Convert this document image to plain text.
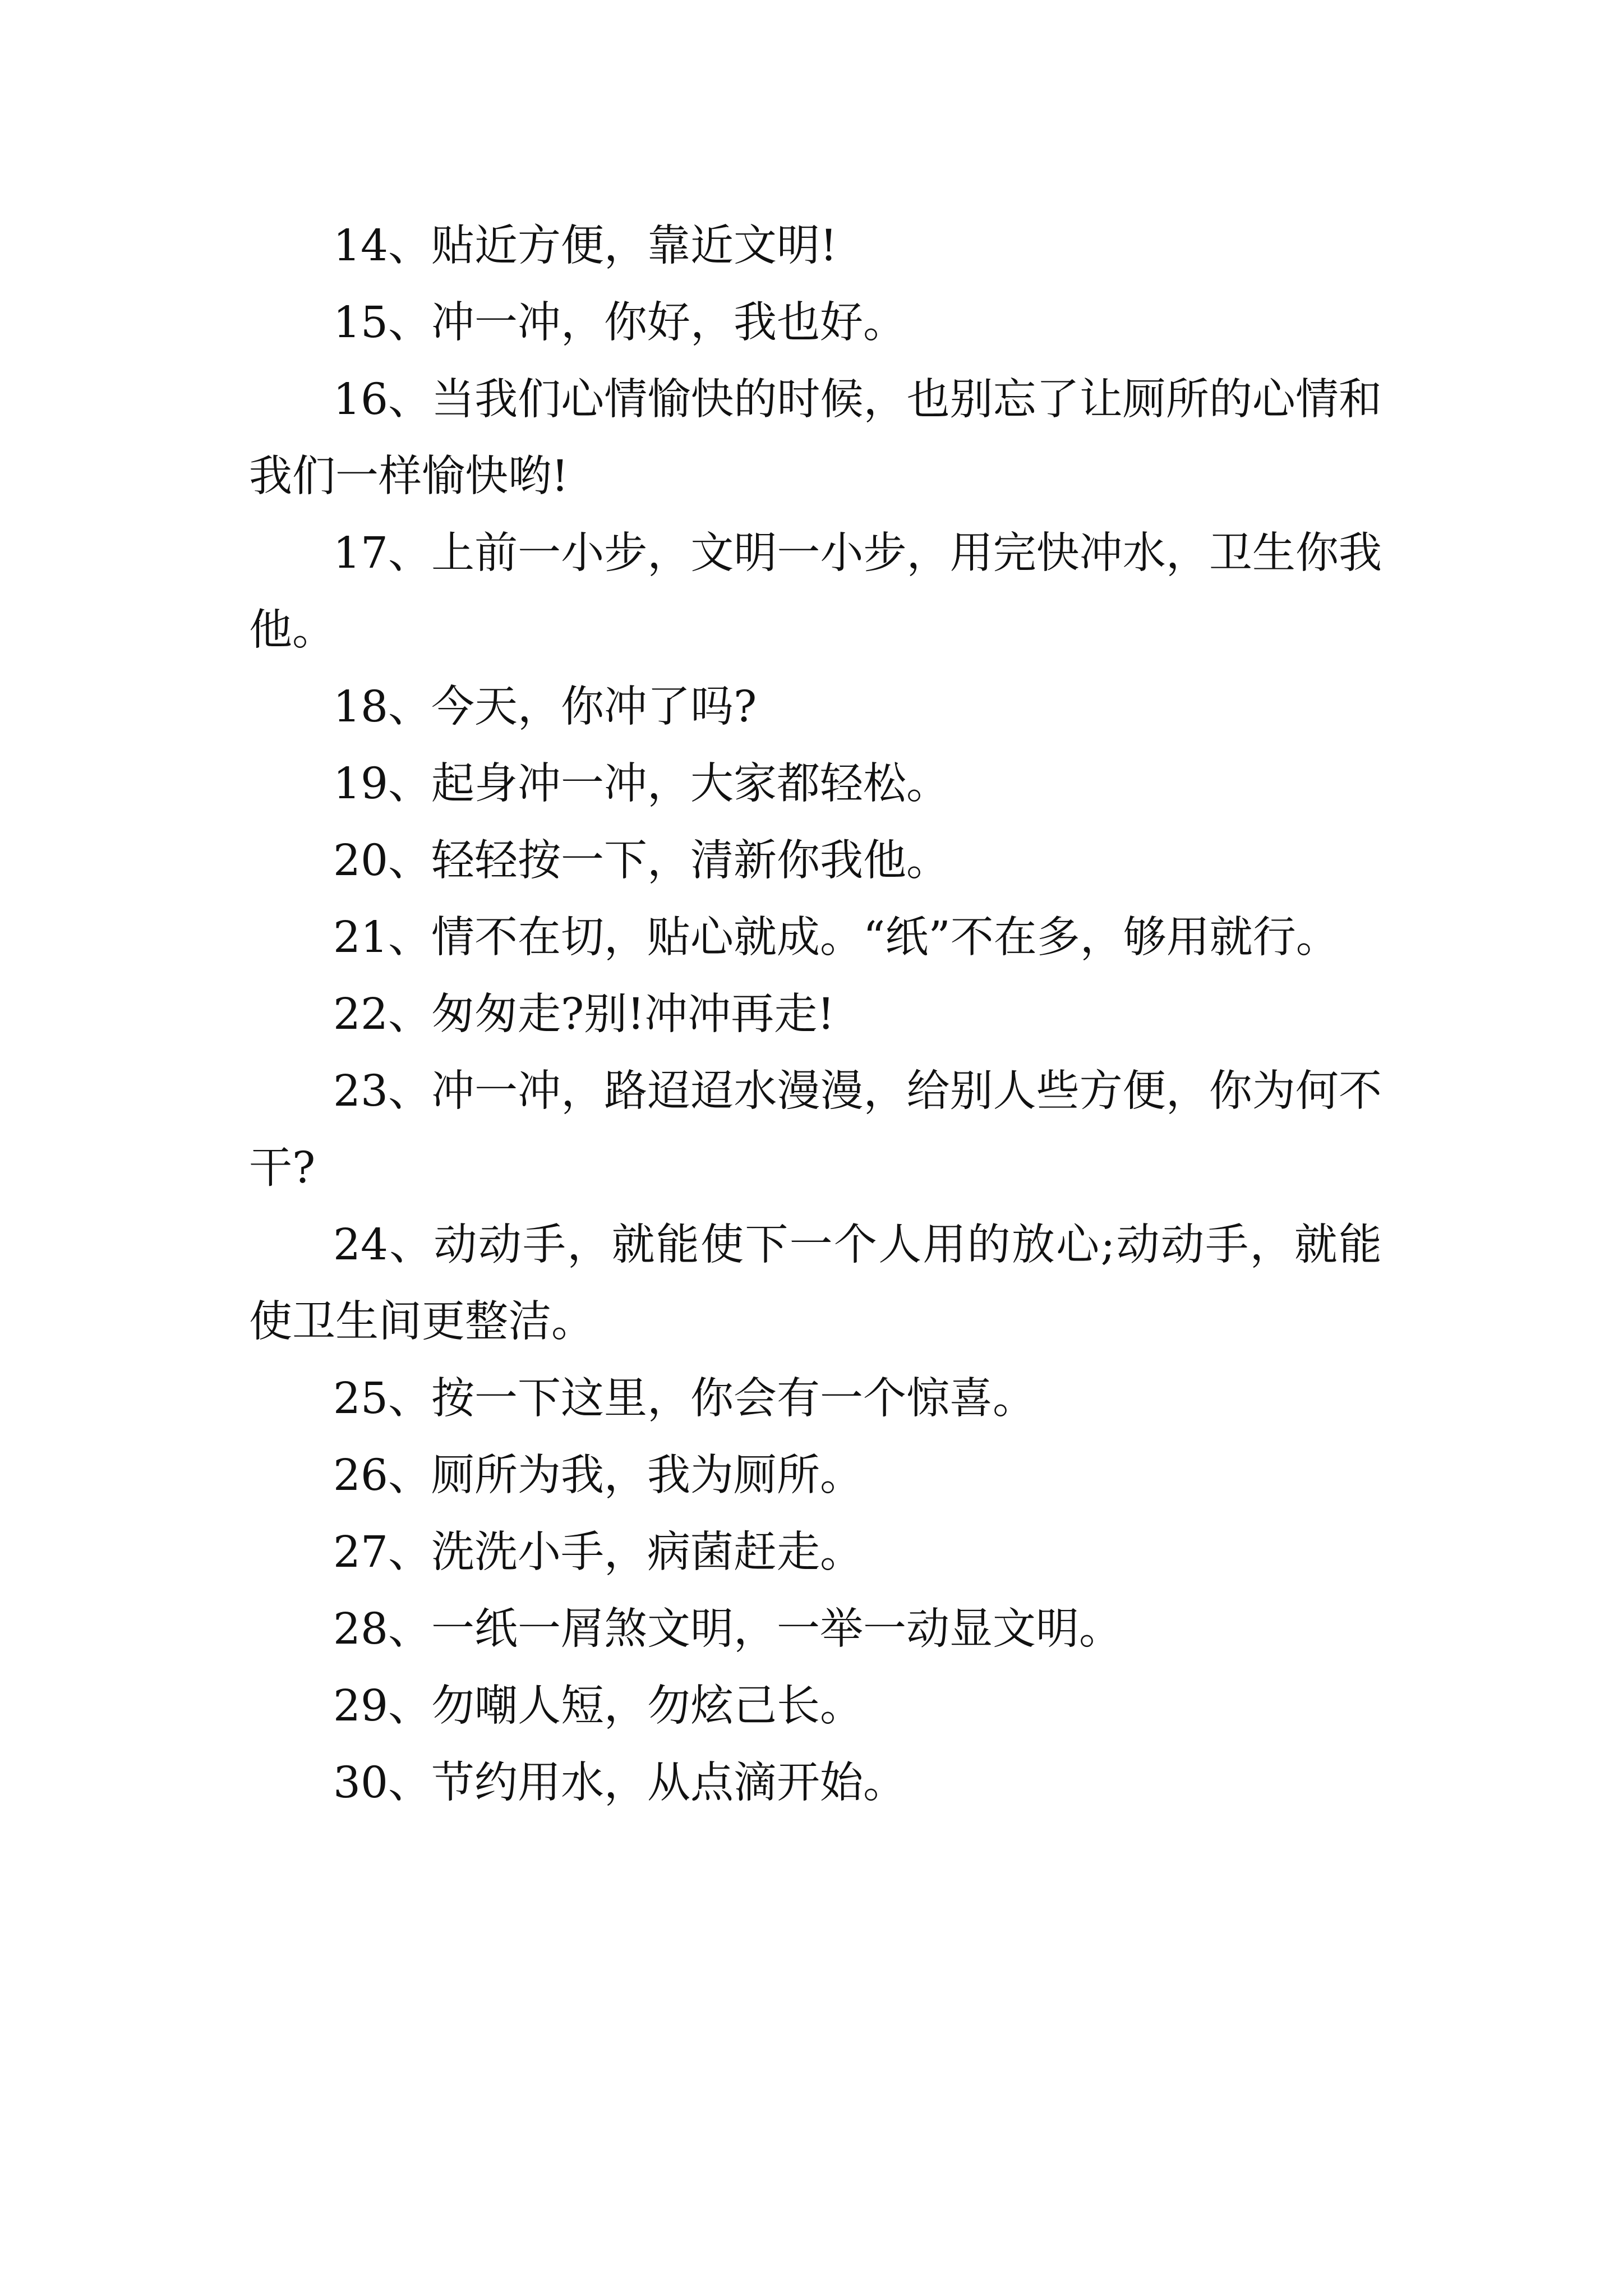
14、贴近方便，靠近文明!

15、冲一冲，你好，我也好。

16、当我们心情愉快的时候，也别忘了让厕所的心情和我们一样愉快哟!

17、上前一小步，文明一小步，用完快冲水，卫生你我他。

18、今天，你冲了吗?

19、起身冲一冲，大家都轻松。

20、轻轻按一下，清新你我他。

21、情不在切，贴心就成。“纸”不在多，够用就行。

22、匆匆走?别!冲冲再走!

23、冲一冲，路迢迢水漫漫，给别人些方便，你为何不干?

24、动动手，就能使下一个人用的放心;动动手，就能使卫生间更整洁。

25、按一下这里，你会有一个惊喜。

26、厕所为我，我为厕所。

27、洗洗小手，病菌赶走。

28、一纸一屑煞文明，一举一动显文明。

29、勿嘲人短，勿炫己长。

30、节约用水，从点滴开始。
